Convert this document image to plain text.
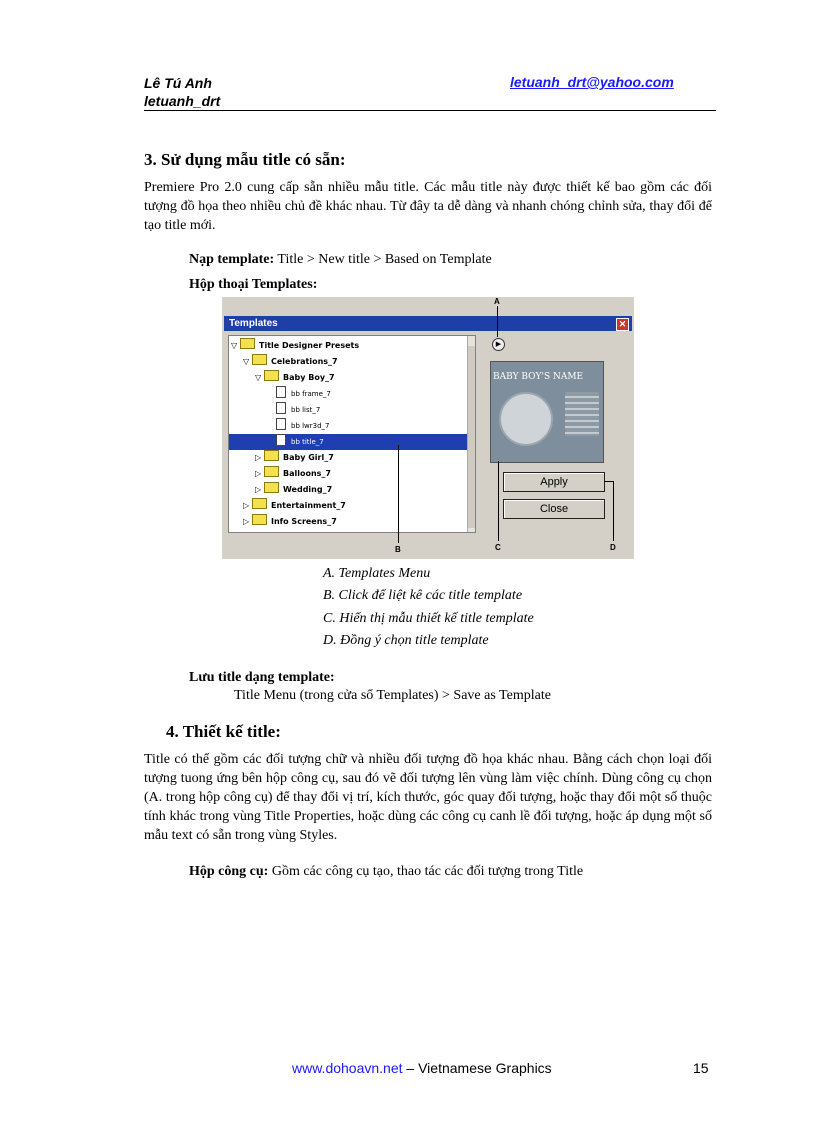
Lê Tú Anh
letuanh_drt
letuanh_drt@yahoo.com
3. Sử dụng mẫu title có sẵn:
Premiere Pro 2.0 cung cấp sẵn nhiều mẫu title. Các mẫu title này được thiết kế bao gồm các đối tượng đồ họa theo nhiều chủ đề khác nhau. Từ đây ta dễ dàng và nhanh chóng chỉnh sửa, thay đổi để tạo title mới.
Nạp template: Title > New title > Based on Template
Hộp thoại Templates:
Templates	✕
▽	Title Designer Presets
▽	Celebrations_7
▽	Baby Boy_7
bb frame_7
bb list_7
bb lwr3d_7
bb title_7
▷	Baby Girl_7
▷	Balloons_7
▷	Wedding_7
▷	Entertainment_7
▷	Info Screens_7
▶
BABY BOY'S NAME
Apply
Close
A
B	C	D
A. Templates Menu
B. Click để liệt kê các title template
C. Hiển thị mẫu thiết kế title template
D. Đồng ý chọn title template
Lưu title dạng template:
Title Menu (trong cửa sổ Templates) > Save as Template
4. Thiết kế title:
Title có thể gồm các đối tượng chữ và nhiều đối tượng đồ họa khác nhau. Bằng cách chọn loại đối tượng tuong ứng bên hộp công cụ, sau đó vẽ đối tượng lên vùng làm việc chính. Dùng công cụ chọn (A. trong hộp công cụ) để thay đổi vị trí, kích thước, góc quay đối tượng, hoặc thay đổi một số thuộc tính khác trong vùng Title Properties, hoặc dùng các công cụ canh lề đối tượng, hoặc áp dụng một số mẫu text có sẵn trong vùng Styles.
Hộp công cụ: Gồm các công cụ tạo, thao tác các đối tượng trong Title
www.dohoavn.net – Vietnamese Graphics	15
